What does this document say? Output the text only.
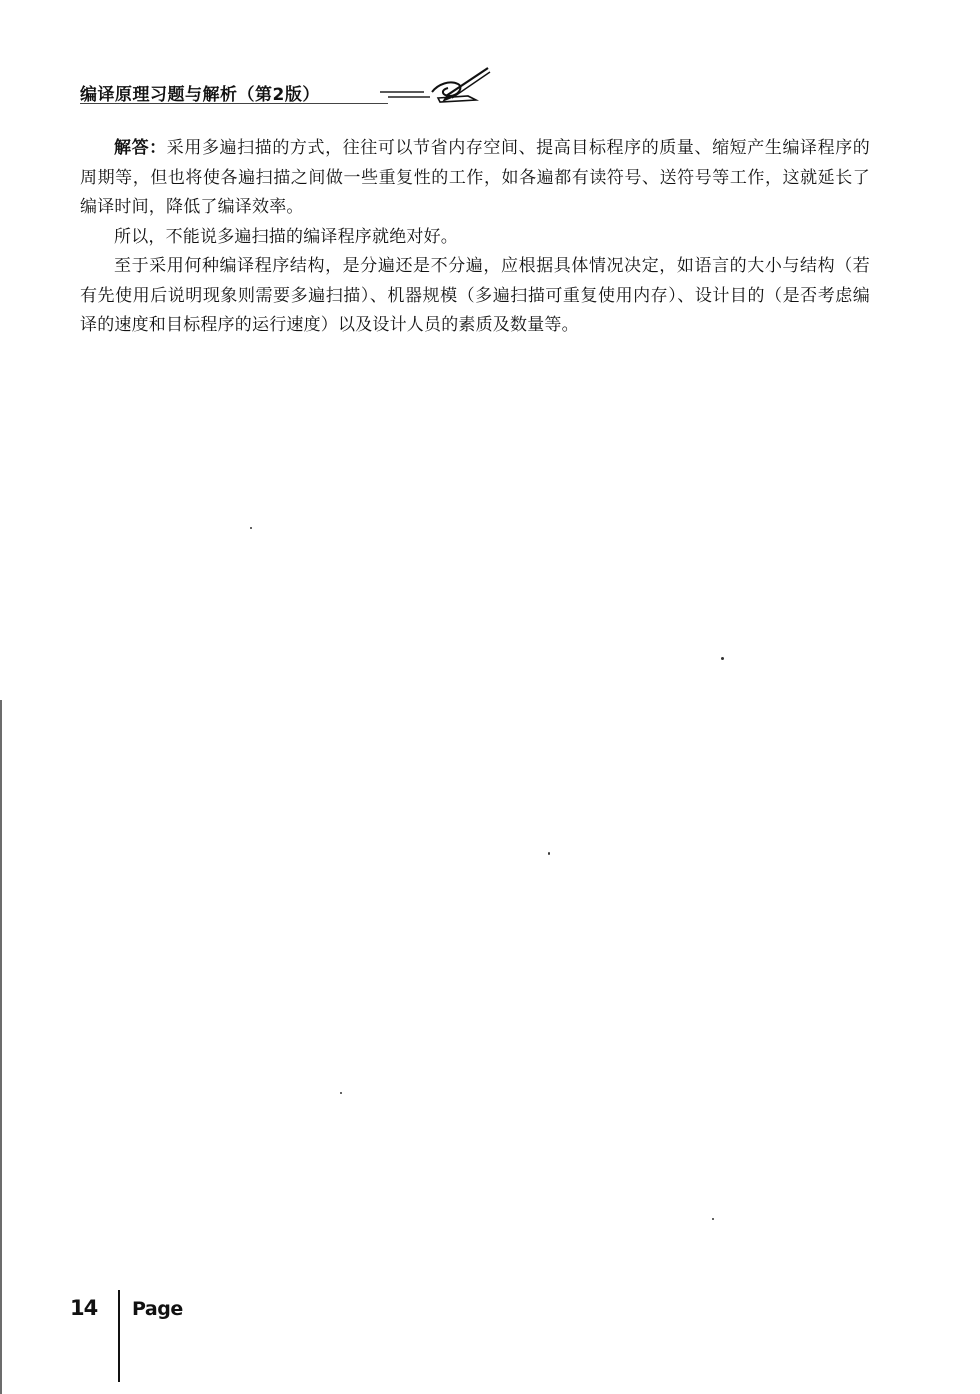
编译原理习题与解析（第2版）

解答：采用多遍扫描的方式，往往可以节省内存空间、提高目标程序的质量、缩短产生编译程序的周期等，但也将使各遍扫描之间做一些重复性的工作，如各遍都有读符号、送符号等工作，这就延长了编译时间，降低了编译效率。

所以，不能说多遍扫描的编译程序就绝对好。

至于采用何种编译程序结构，是分遍还是不分遍，应根据具体情况决定，如语言的大小与结构（若有先使用后说明现象则需要多遍扫描）、机器规模（多遍扫描可重复使用内存）、设计目的（是否考虑编译的速度和目标程序的运行速度）以及设计人员的素质及数量等。

14 Page
